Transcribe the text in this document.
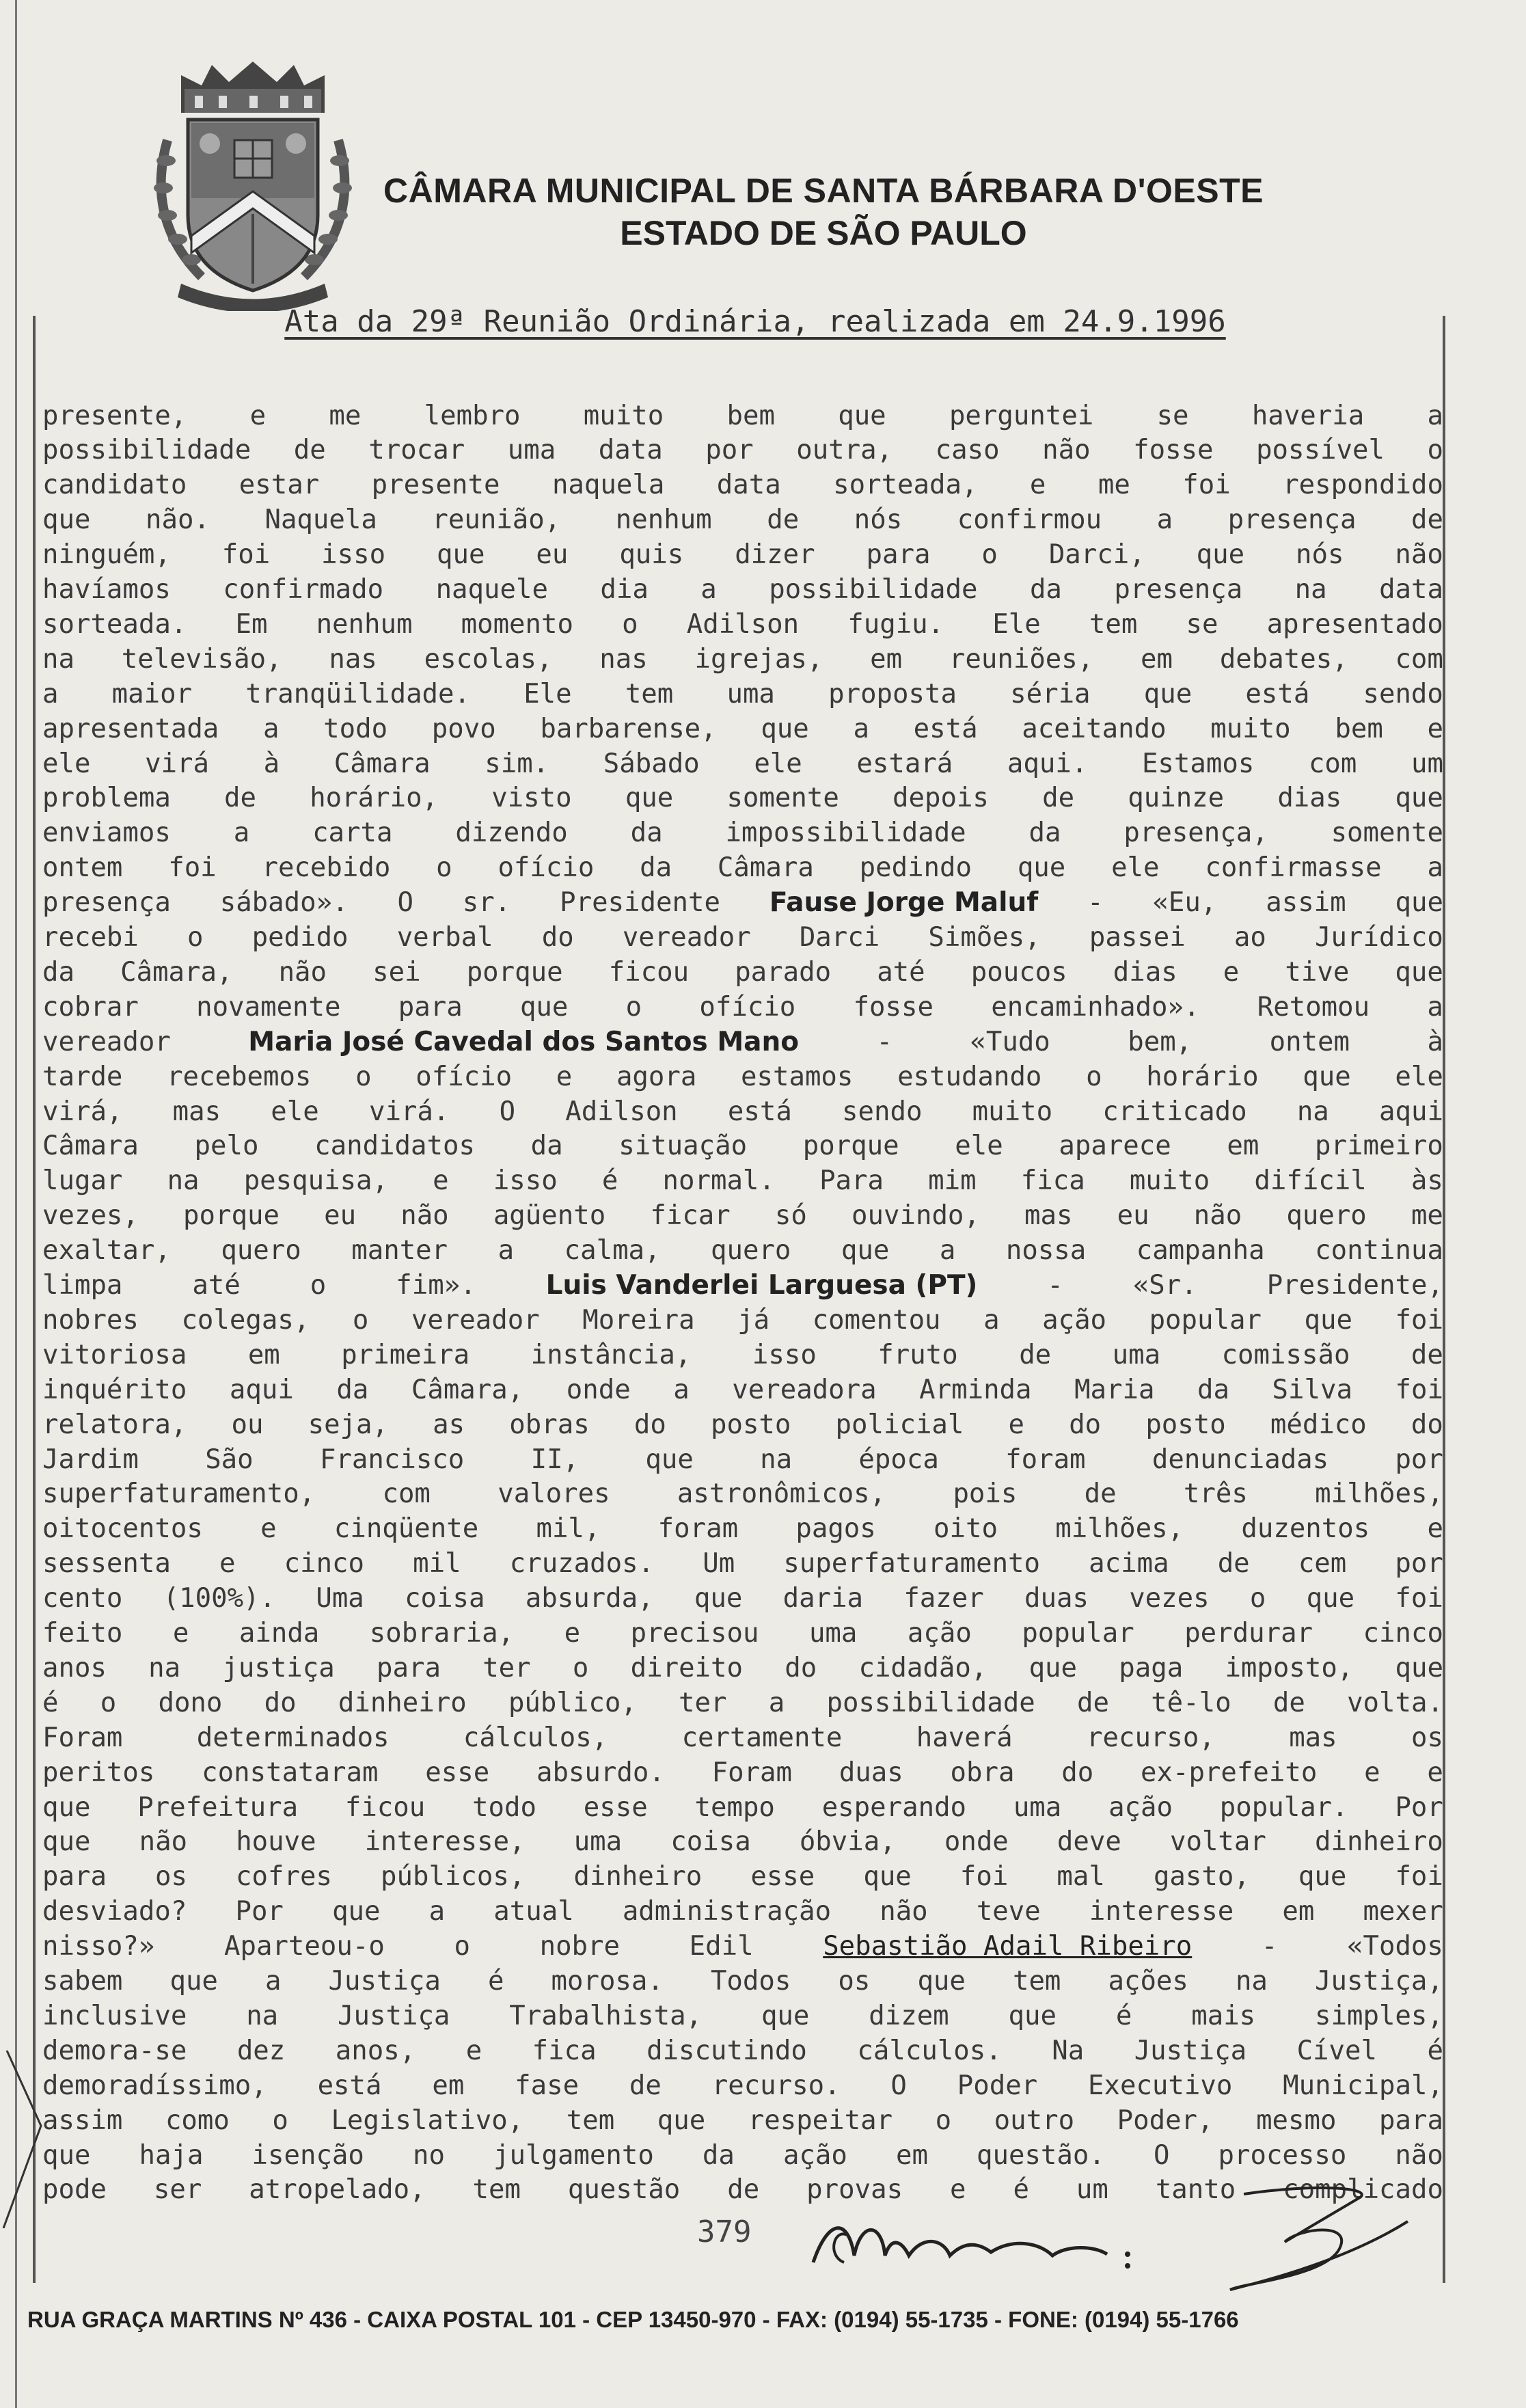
CÂMARA MUNICIPAL DE SANTA BÁRBARA D'OESTE
ESTADO DE SÃO PAULO
Ata da 29ª Reunião Ordinária, realizada em 24.9.1996
presente, e me lembro muito bem que perguntei se haveria a
possibilidade de trocar uma data por outra, caso não fosse possível o
candidato estar presente naquela data sorteada, e me foi respondido
que não. Naquela reunião, nenhum de nós confirmou a presença de
ninguém, foi isso que eu quis dizer para o Darci, que nós não
havíamos confirmado naquele dia a possibilidade da presença na data
sorteada. Em nenhum momento o Adilson fugiu. Ele tem se apresentado
na televisão, nas escolas, nas igrejas, em reuniões, em debates, com
a maior tranqüilidade. Ele tem uma proposta séria que está sendo
apresentada a todo povo barbarense, que a está aceitando muito bem e
ele virá à Câmara sim. Sábado ele estará aqui. Estamos com um
problema de horário, visto que somente depois de quinze dias que
enviamos a carta dizendo da impossibilidade da presença, somente
ontem foi recebido o ofício da Câmara pedindo que ele confirmasse a
presença sábado». O sr. Presidente Fause Jorge Maluf - «Eu, assim que
recebi o pedido verbal do vereador Darci Simões, passei ao Jurídico
da Câmara, não sei porque ficou parado até poucos dias e tive que
cobrar novamente para que o ofício fosse encaminhado». Retomou a
vereador	Maria José Cavedal dos Santos Mano	-	«Tudo	bem,	ontem	à
tarde recebemos o ofício e agora estamos estudando o horário que ele
virá, mas ele virá. O Adilson está sendo muito criticado na aqui
Câmara pelo candidatos da situação porque ele aparece em primeiro
lugar na pesquisa, e isso é normal. Para mim fica muito difícil às
vezes, porque eu não agüento ficar só ouvindo, mas eu não quero me
exaltar, quero manter a calma, quero que a nossa campanha continua
limpa	até	o	fim».	Luis Vanderlei Larguesa (PT)	-	«Sr.	Presidente,
nobres colegas, o vereador Moreira já comentou a ação popular que foi
vitoriosa em primeira instância, isso fruto de uma comissão de
inquérito aqui da Câmara, onde a vereadora Arminda Maria da Silva foi
relatora, ou seja, as obras do posto policial e do posto médico do
Jardim São Francisco II, que na época foram denunciadas por
superfaturamento,	com	valores	astronômicos,	pois	de	três	milhões,
oitocentos e cinqüente mil, foram pagos oito milhões, duzentos e
sessenta e cinco mil cruzados. Um superfaturamento acima de cem por
cento (100%). Uma coisa absurda, que daria fazer duas vezes o que foi
feito e ainda sobraria, e precisou uma ação popular perdurar cinco
anos na justiça para ter o direito do cidadão, que paga imposto, que
é o dono do dinheiro público, ter a possibilidade de tê-lo de volta.
Foram	determinados	cálculos,	certamente	haverá	recurso,	mas	os
peritos constataram esse absurdo. Foram duas obra do ex-prefeito e e
que Prefeitura ficou todo esse tempo esperando uma ação popular. Por
que não houve interesse, uma coisa óbvia, onde deve voltar dinheiro
para os cofres públicos, dinheiro esse que foi mal gasto, que foi
desviado? Por que a atual administração não teve interesse em mexer
nisso?»	Aparteou-o	o	nobre	Edil	Sebastião Adail Ribeiro	-	«Todos
sabem que a Justiça é morosa. Todos os que tem ações na Justiça,
inclusive na Justiça Trabalhista, que dizem que é mais simples,
demora-se dez anos, e fica discutindo cálculos. Na Justiça Cível é
demoradíssimo, está em fase de recurso. O Poder Executivo Municipal,
assim como o Legislativo, tem que respeitar o outro Poder, mesmo para
que haja isenção no julgamento da ação em questão. O processo não
pode ser atropelado, tem questão de provas e é um tanto complicado
379
RUA GRAÇA MARTINS Nº 436 - CAIXA POSTAL 101 - CEP 13450-970 - FAX: (0194) 55-1735 - FONE: (0194) 55-1766
